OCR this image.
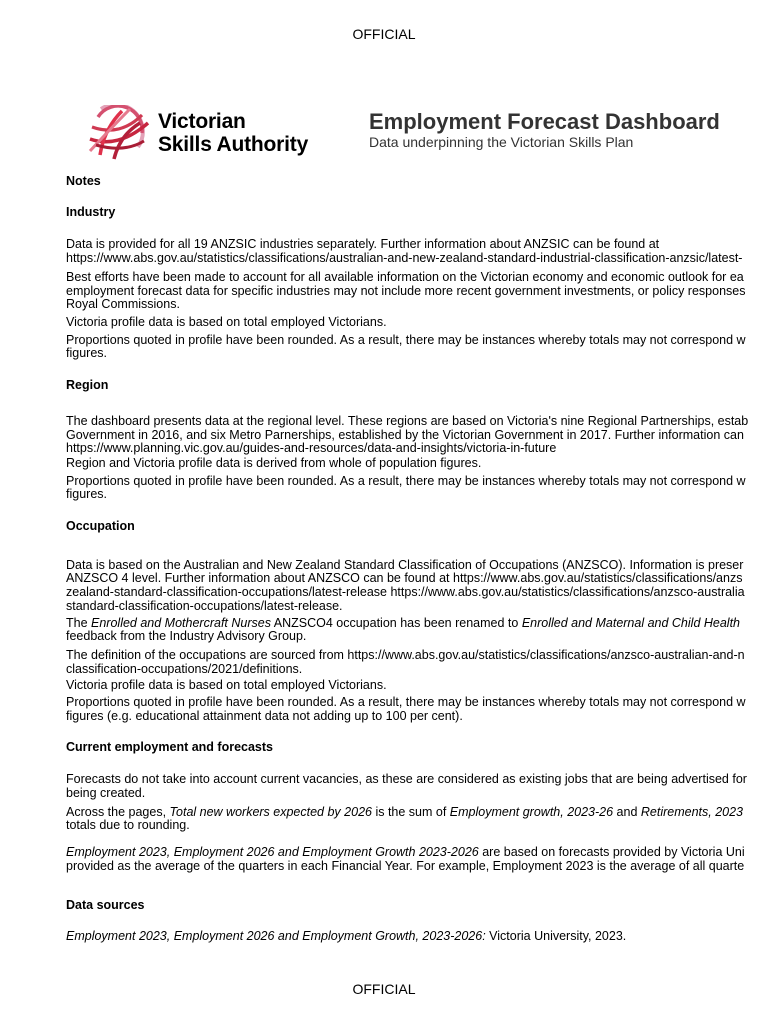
OFFICIAL
Victorian
Skills Authority
Employment Forecast Dashboard
Data underpinning the Victorian Skills Plan
Notes
Industry
Data is provided for all 19 ANZSIC industries separately. Further information about ANZSIC can be found at
https://www.abs.gov.au/statistics/classifications/australian-and-new-zealand-standard-industrial-classification-anzsic/latest-
Best efforts have been made to account for all available information on the Victorian economy and economic outlook for ea
employment forecast data for specific industries may not include more recent government investments, or policy responses
Royal Commissions.
Victoria profile data is based on total employed Victorians.
Proportions quoted in profile have been rounded. As a result, there may be instances whereby totals may not correspond w
figures.
Region
The dashboard presents data at the regional level. These regions are based on Victoria's nine Regional Partnerships, estab
Government in 2016, and six Metro Parnerships, established by the Victorian Government in 2017. Further information can
https://www.planning.vic.gov.au/guides-and-resources/data-and-insights/victoria-in-future
Region and Victoria profile data is derived from whole of population figures.
Proportions quoted in profile have been rounded. As a result, there may be instances whereby totals may not correspond w
figures.
Occupation
Data is based on the Australian and New Zealand Standard Classification of Occupations (ANZSCO). Information is preser
ANZSCO 4 level. Further information about ANZSCO can be found at https://www.abs.gov.au/statistics/classifications/anzs
zealand-standard-classification-occupations/latest-release https://www.abs.gov.au/statistics/classifications/anzsco-australia
standard-classification-occupations/latest-release.
The Enrolled and Mothercraft Nurses ANZSCO4 occupation has been renamed to Enrolled and Maternal and Child Health
feedback from the Industry Advisory Group.
The definition of the occupations are sourced from https://www.abs.gov.au/statistics/classifications/anzsco-australian-and-n
classification-occupations/2021/definitions.
Victoria profile data is based on total employed Victorians.
Proportions quoted in profile have been rounded. As a result, there may be instances whereby totals may not correspond w
figures (e.g. educational attainment data not adding up to 100 per cent).
Current employment and forecasts
Forecasts do not take into account current vacancies, as these are considered as existing jobs that are being advertised for
being created.
Across the pages, Total new workers expected by 2026 is the sum of Employment growth, 2023-26 and Retirements, 2023
totals due to rounding.
Employment 2023, Employment 2026 and Employment Growth 2023-2026 are based on forecasts provided by Victoria Uni
provided as the average of the quarters in each Financial Year. For example, Employment 2023 is the average of all quarte
Data sources
Employment 2023, Employment 2026 and Employment Growth, 2023-2026: Victoria University, 2023.
OFFICIAL
